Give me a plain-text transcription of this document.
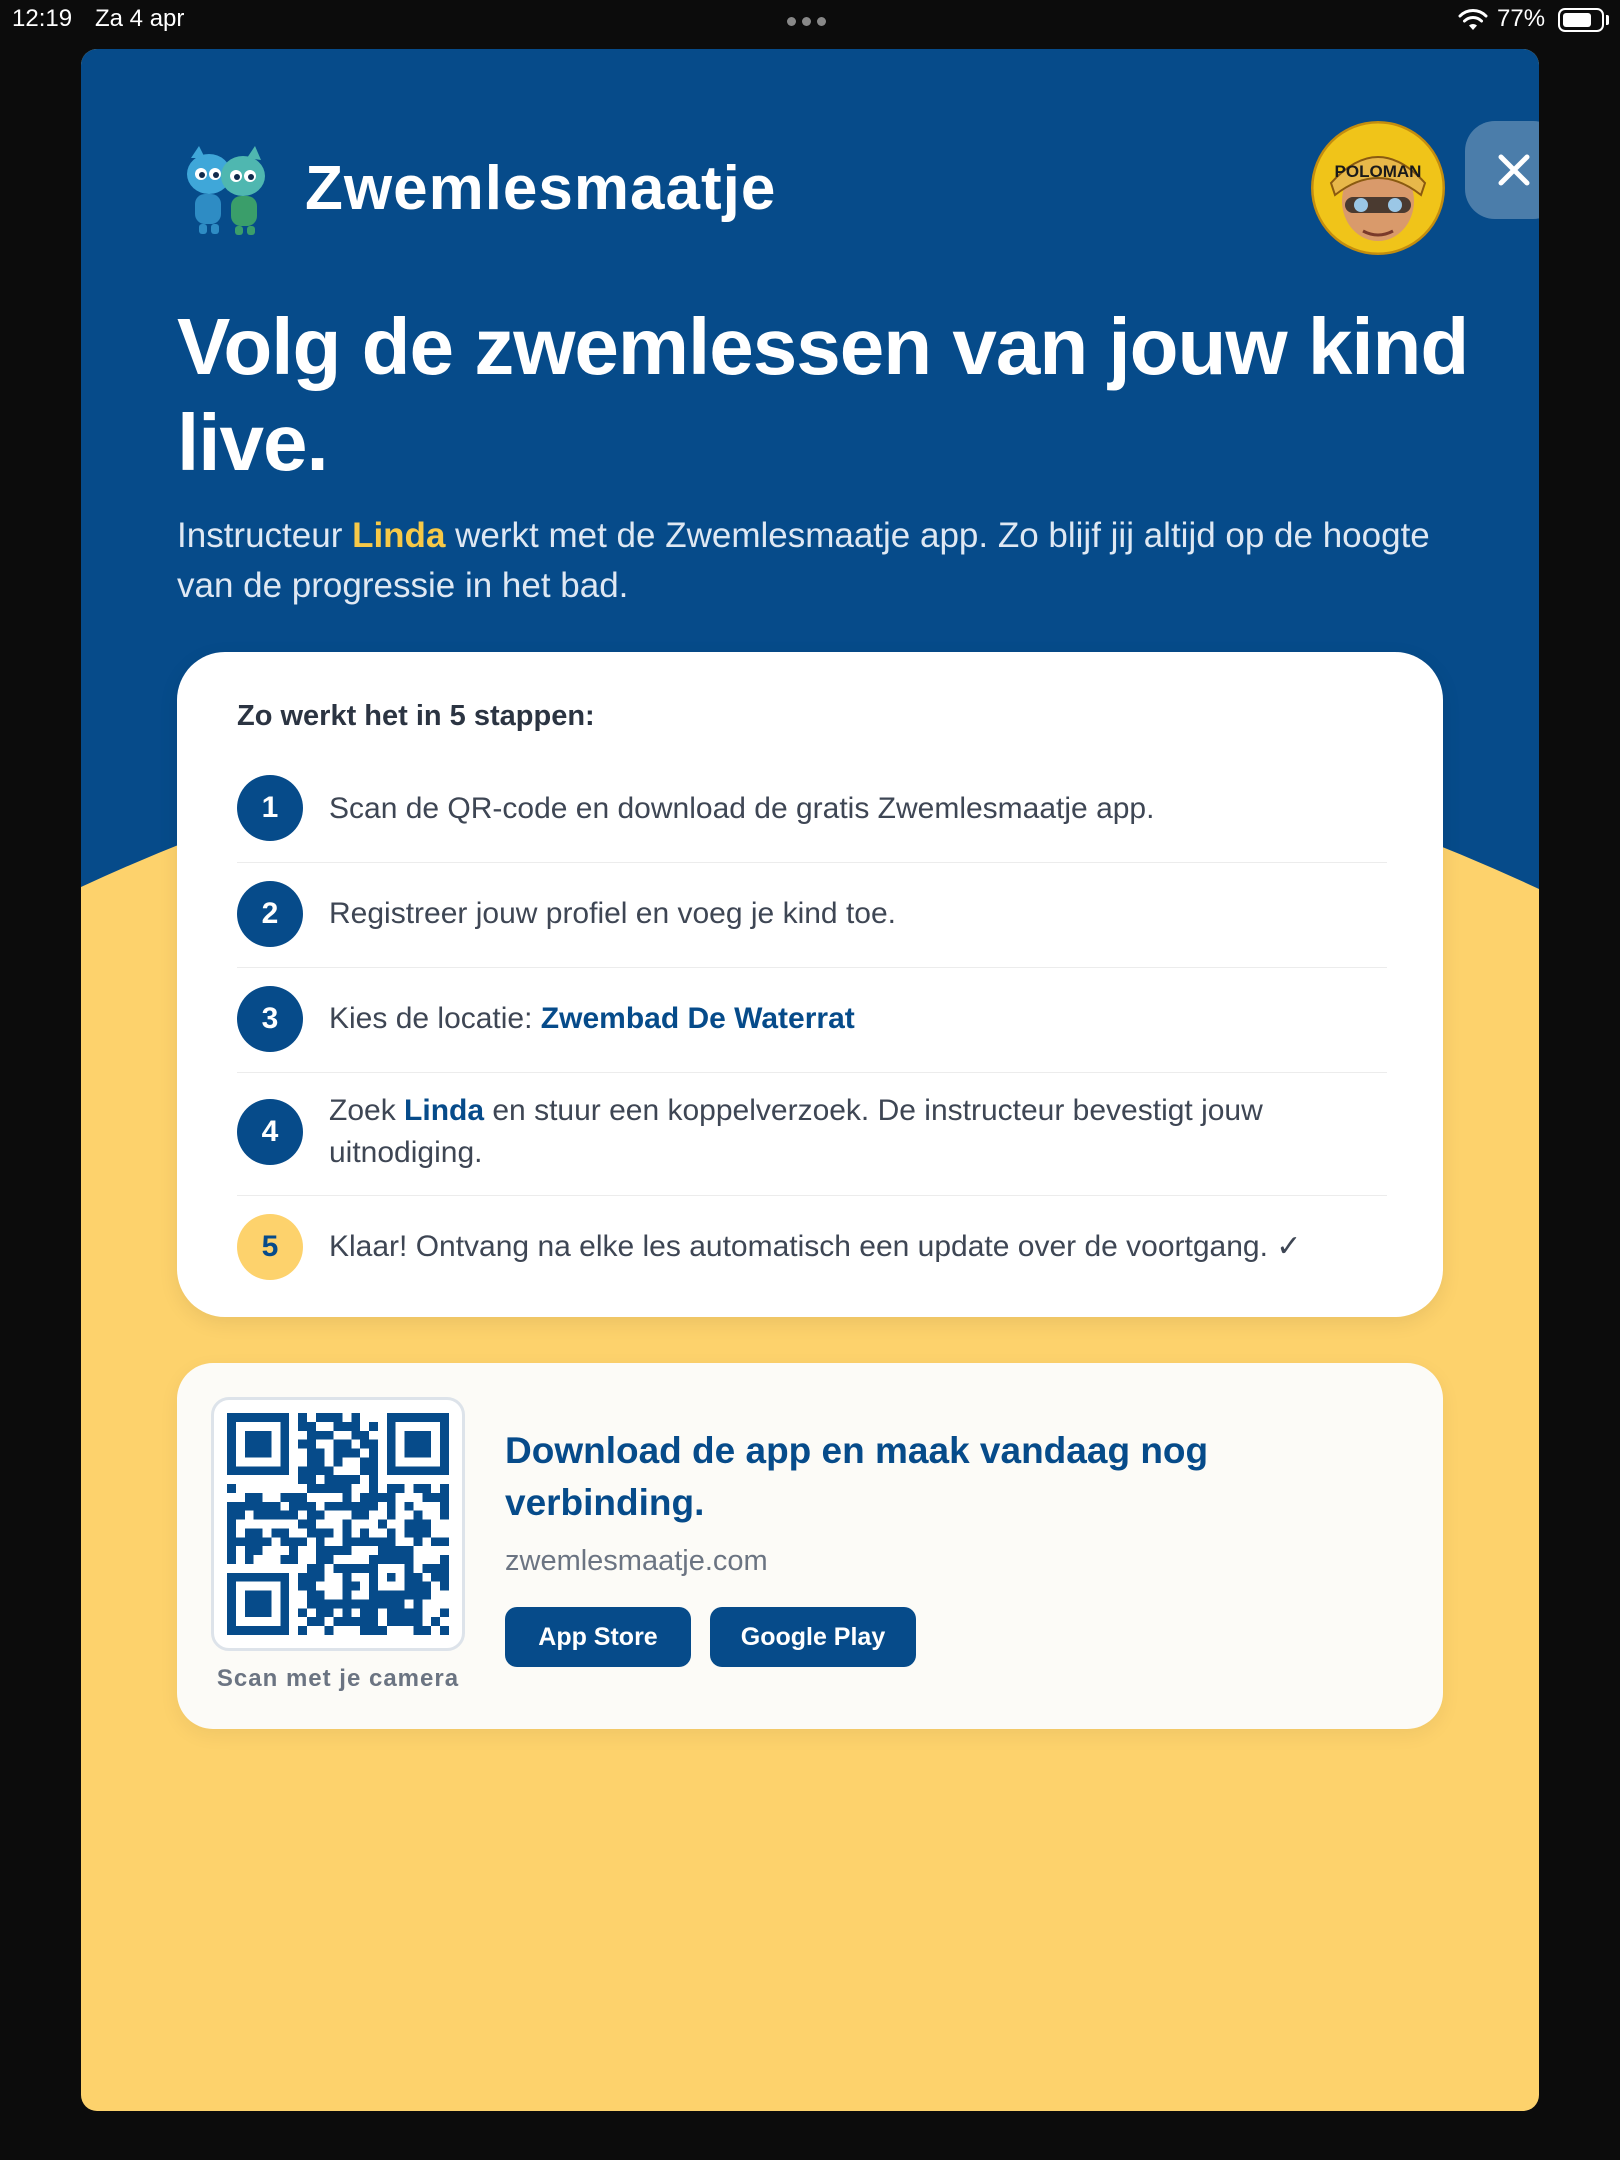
12:19 Za 4 apr	77%
Zwemlesmaatje	POLOMAN
Volg de zwemlessen van jouw kind live.
Instructeur Linda werkt met de Zwemlesmaatje app. Zo blijf jij altijd op de hoogte van de progressie in het bad.
Zo werkt het in 5 stappen:
1	Scan de QR-code en download de gratis Zwemlesmaatje app.
2	Registreer jouw profiel en voeg je kind toe.
3	Kies de locatie: Zwembad De Waterrat
4
Zoek Linda en stuur een koppelverzoek. De instructeur bevestigt jouw uitnodiging.
5	Klaar! Ontvang na elke les automatisch een update over de voortgang. ✓
Scan met je camera
Download de app en maak vandaag nog verbinding.
zwemlesmaatje.com
App Store	Google Play
